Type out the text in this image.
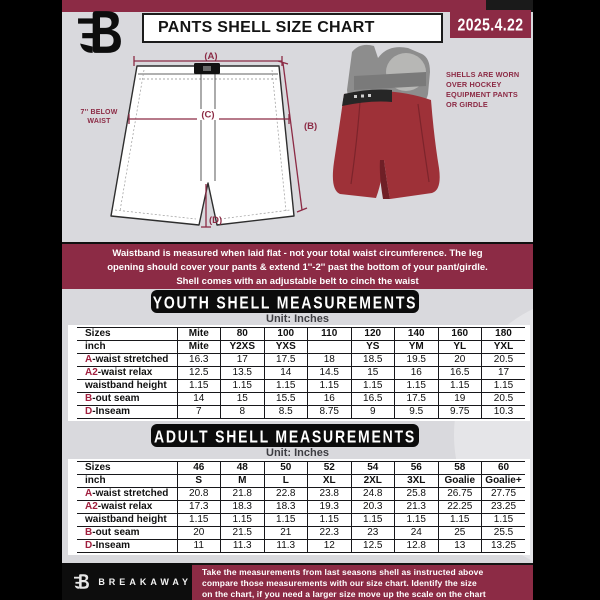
PANTS SHELL SIZE CHART	2025.4.22
(A)
(B)
(C)
(D)
7'' BELOW
WAIST
SHELLS ARE WORN
OVER HOCKEY
EQUIPMENT PANTS
OR GIRDLE
Waistband is measured when laid flat - not your total waist circumference. The leg
opening should cover your pants & extend 1''-2'' past the bottom of your pant/girdle.
Shell comes with an adjustable belt to cinch the waist
YOUTH SHELL MEASUREMENTS
Unit: Inches
Sizes	Mite	80	100	110	120	140	160	180
inch	Mite	Y2XS	YXS		YS	YM	YL	YXL
A-waist stretched	16.3	17	17.5	18	18.5	19.5	20	20.5
A2-waist relax	12.5	13.5	14	14.5	15	16	16.5	17
waistband height	1.15	1.15	1.15	1.15	1.15	1.15	1.15	1.15
B-out seam	14	15	15.5	16	16.5	17.5	19	20.5
D-Inseam	7	8	8.5	8.75	9	9.5	9.75	10.3
ADULT SHELL MEASUREMENTS
Unit: Inches
Sizes	46	48	50	52	54	56	58	60
inch	S	M	L	XL	2XL	3XL	Goalie	Goalie+
A-waist stretched	20.8	21.8	22.8	23.8	24.8	25.8	26.75	27.75
A2-waist relax	17.3	18.3	18.3	19.3	20.3	21.3	22.25	23.25
waistband height	1.15	1.15	1.15	1.15	1.15	1.15	1.15	1.15
B-out seam	20	21.5	21	22.3	23	24	25	25.5
D-Inseam	11	11.3	11.3	12	12.5	12.8	13	13.25
BREAKAWAY
Take the measurements from last seasons shell as instructed above
compare those measurements with our size chart. Identify the size
on the chart, if you need a larger size move up the scale on the chart
